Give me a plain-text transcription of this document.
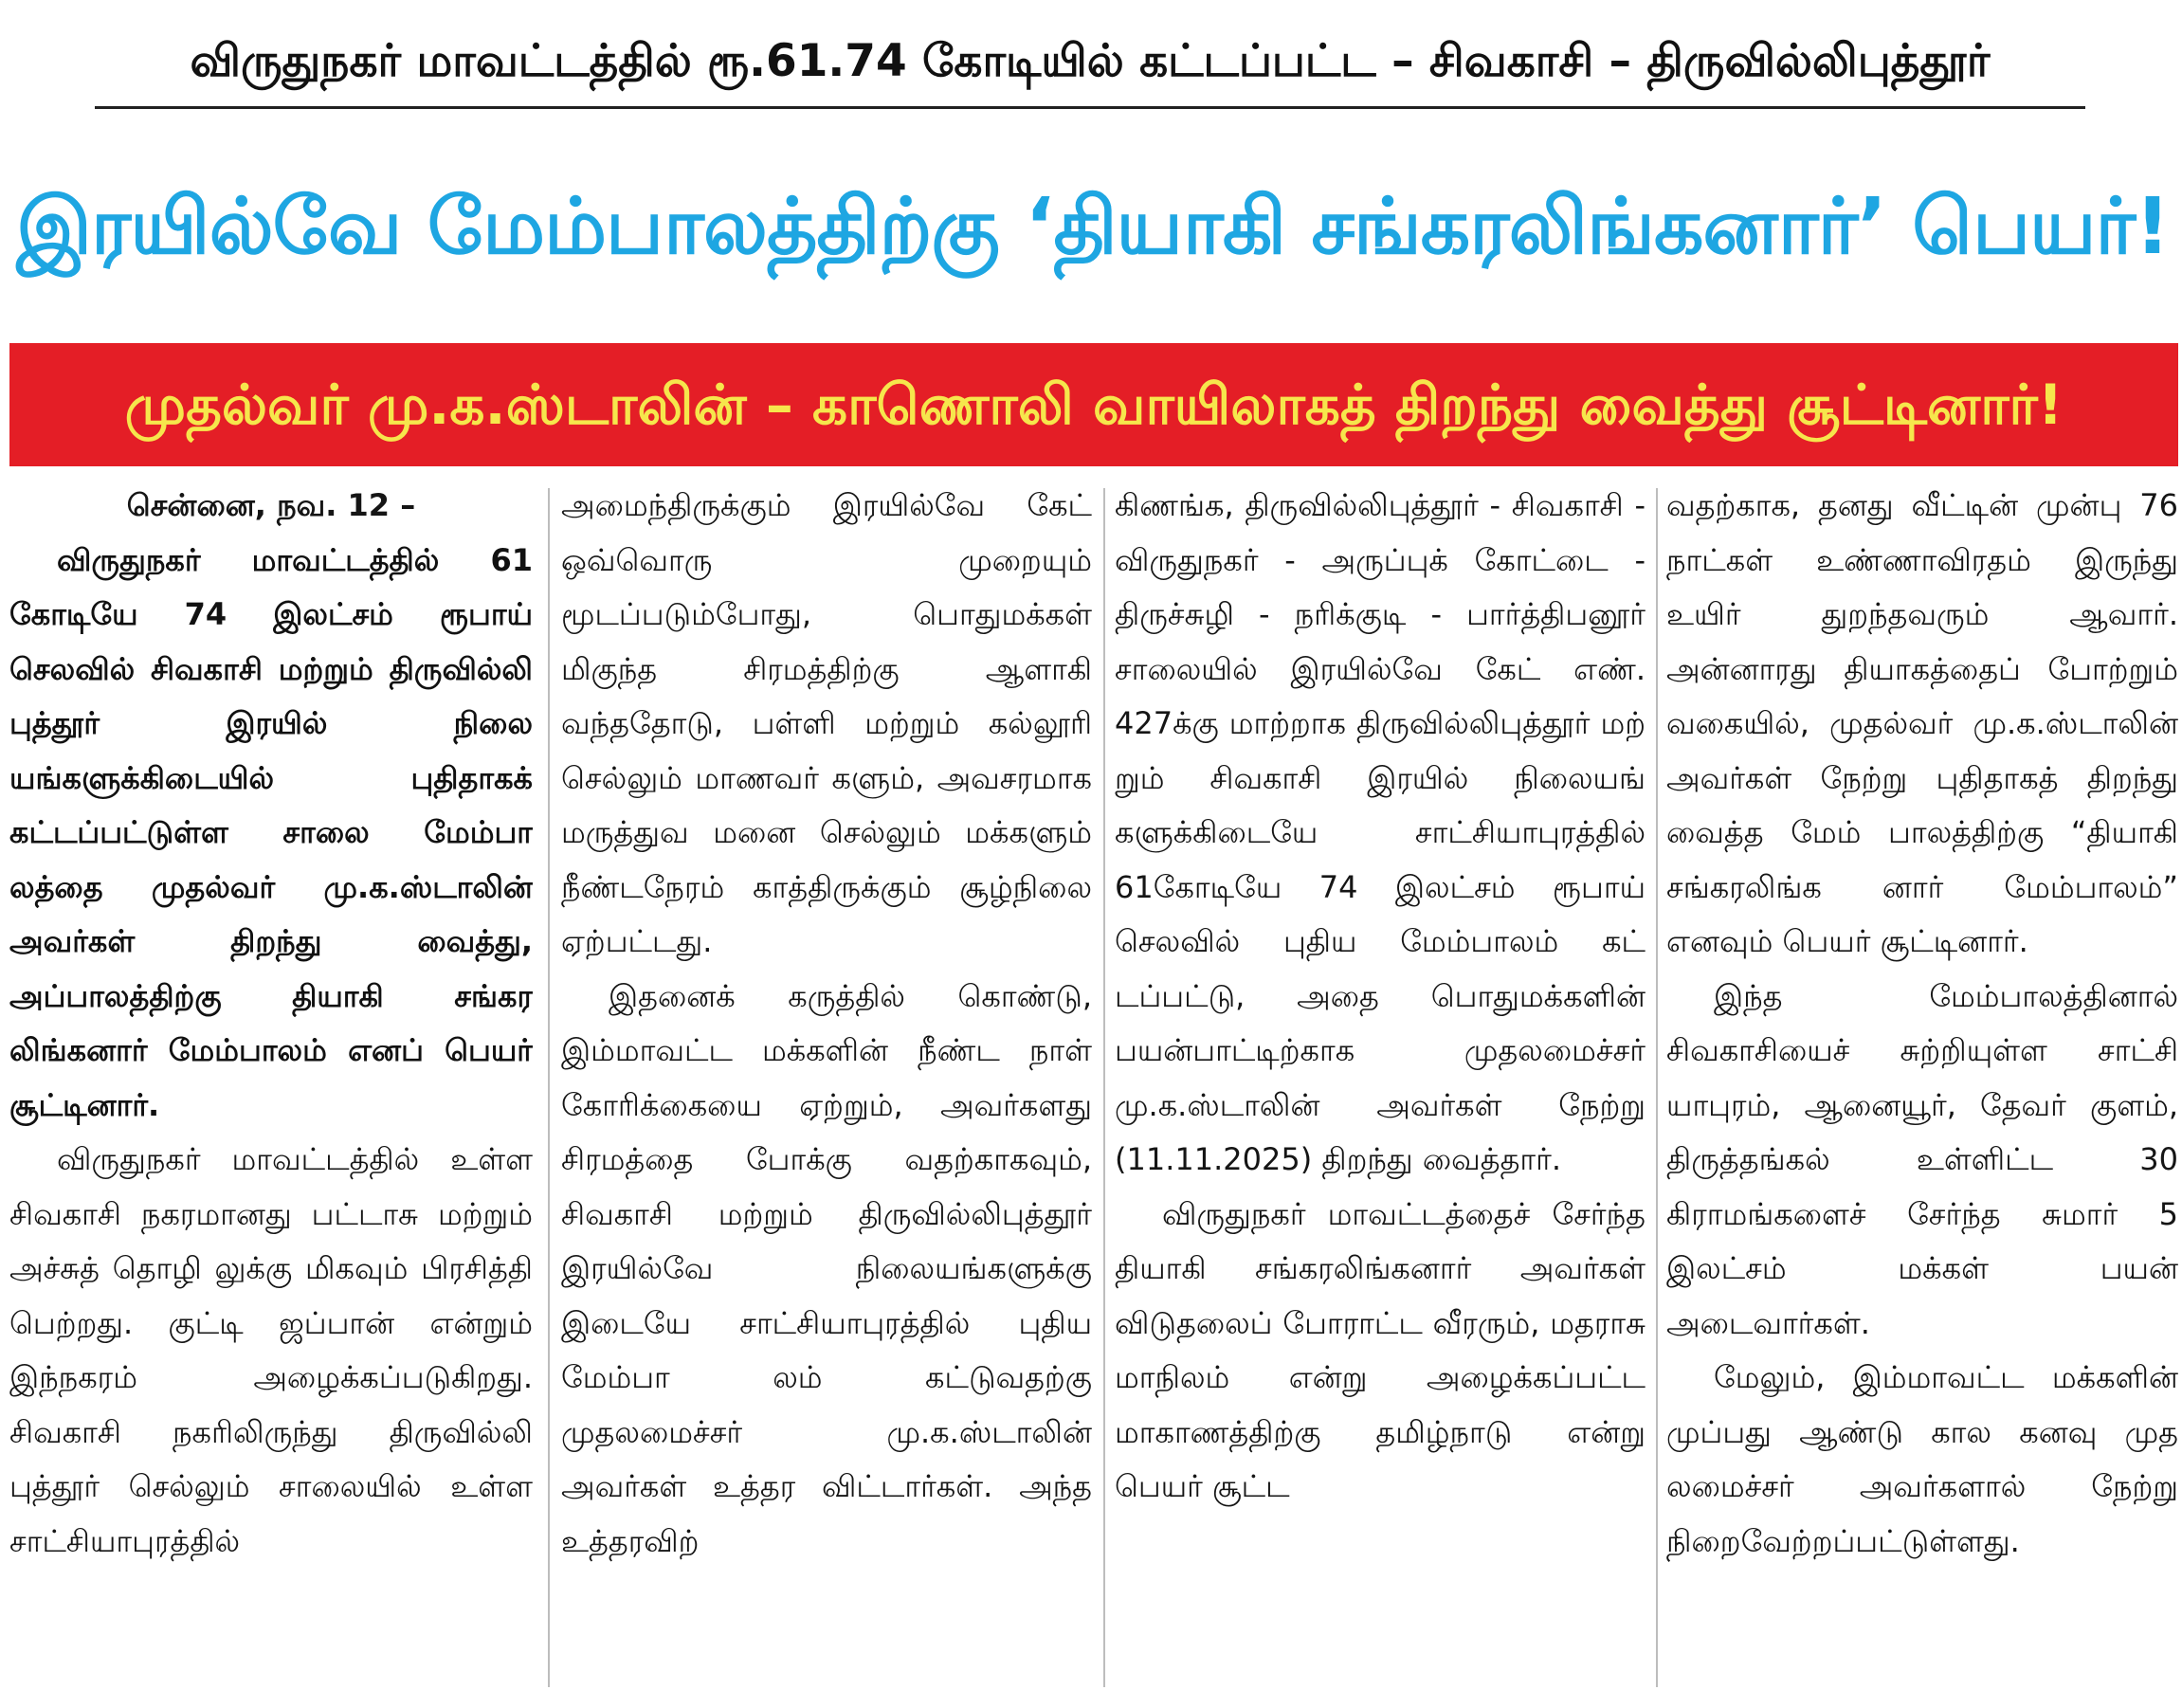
விருதுநகர் மாவட்டத்தில் ரூ.61.74 கோடியில் கட்டப்பட்ட – சிவகாசி – திருவில்லிபுத்தூர்
இரயில்வே மேம்பாலத்திற்கு ‘தியாகி சங்கரலிங்கனார்’ பெயர்!
முதல்வர் மு.க.ஸ்டாலின் – காணொலி வாயிலாகத் திறந்து வைத்து சூட்டினார்!

சென்னை, நவ. 12 –

விருதுநகர் மாவட்டத்தில் 61 கோடியே 74 இலட்சம் ரூபாய் செலவில் சிவகாசி மற்றும் திருவில்லி புத்தூர் இரயில் நிலை யங்களுக்கிடையில் புதிதாகக் கட்டப்பட்டுள்ள சாலை மேம்பா லத்தை முதல்வர் மு.க.ஸ்டாலின் அவர்கள் திறந்து வைத்து, அப்பாலத்திற்கு தியாகி சங்கர லிங்கனார் மேம்பாலம் எனப் பெயர் சூட்டினார்.

விருதுநகர் மாவட்டத்தில் உள்ள சிவகாசி நகரமானது பட்டாசு மற்றும் அச்சுத் தொழி லுக்கு மிகவும் பிரசித்தி பெற்றது. குட்டி ஜப்பான் என்றும் இந்நகரம் அழைக்கப்படுகிறது. சிவகாசி நகரிலிருந்து திருவில்லி புத்தூர் செல்லும் சாலையில் உள்ள சாட்சியாபுரத்தில்

அமைந்திருக்கும் இரயில்வே கேட் ஒவ்வொரு முறையும் மூடப்படும்போது, பொதுமக்கள் மிகுந்த சிரமத்திற்கு ஆளாகி வந்ததோடு, பள்ளி மற்றும் கல்லூரி செல்லும் மாணவர் களும், அவசரமாக மருத்துவ மனை செல்லும் மக்களும் நீண்டநேரம் காத்திருக்கும் சூழ்நிலை ஏற்பட்டது.

இதனைக் கருத்தில் கொண்டு, இம்மாவட்ட மக்களின் நீண்ட நாள் கோரிக்கையை ஏற்றும், அவர்களது சிரமத்தை போக்கு வதற்காகவும், சிவகாசி மற்றும் திருவில்லிபுத்தூர் இரயில்வே நிலையங்களுக்கு இடையே சாட்சியாபுரத்தில் புதிய மேம்பா லம் கட்டுவதற்கு முதலமைச்சர் மு.க.ஸ்டாலின் அவர்கள் உத்தர விட்டார்கள். அந்த உத்தரவிற்

கிணங்க, திருவில்லிபுத்தூர் - சிவகாசி - விருதுநகர் - அருப்புக் கோட்டை - திருச்சுழி - நரிக்குடி - பார்த்திபனூர் சாலையில் இரயில்வே கேட் எண். 427க்கு மாற்றாக திருவில்லிபுத்தூர் மற் றும் சிவகாசி இரயில் நிலையங் களுக்கிடையே சாட்சியாபுரத்தில் 61கோடியே 74 இலட்சம் ரூபாய் செலவில் புதிய மேம்பாலம் கட் டப்பட்டு, அதை பொதுமக்களின் பயன்பாட்டிற்காக முதலமைச்சர் மு.க.ஸ்டாலின் அவர்கள் நேற்று (11.11.2025) திறந்து வைத்தார்.

விருதுநகர் மாவட்டத்தைச் சேர்ந்த தியாகி சங்கரலிங்கனார் அவர்கள் விடுதலைப் போராட்ட வீரரும், மதராசு மாநிலம் என்று அழைக்கப்பட்ட மாகாணத்திற்கு தமிழ்நாடு என்று பெயர் சூட்ட

வதற்காக, தனது வீட்டின் முன்பு 76 நாட்கள் உண்ணாவிரதம் இருந்து உயிர் துறந்தவரும் ஆவார். அன்னாரது தியாகத்தைப் போற்றும் வகையில், முதல்வர் மு.க.ஸ்டாலின் அவர்கள் நேற்று புதிதாகத் திறந்து வைத்த மேம் பாலத்திற்கு “தியாகி சங்கரலிங்க னார் மேம்பாலம்” எனவும் பெயர் சூட்டினார்.

இந்த மேம்பாலத்தினால் சிவகாசியைச் சுற்றியுள்ள சாட்சி யாபுரம், ஆனையூர், தேவர் குளம், திருத்தங்கல் உள்ளிட்ட 30 கிராமங்களைச் சேர்ந்த சுமார் 5 இலட்சம் மக்கள் பயன் அடைவார்கள்.

மேலும், இம்மாவட்ட மக்களின் முப்பது ஆண்டு கால கனவு முத லமைச்சர் அவர்களால் நேற்று நிறைவேற்றப்பட்டுள்ளது.
